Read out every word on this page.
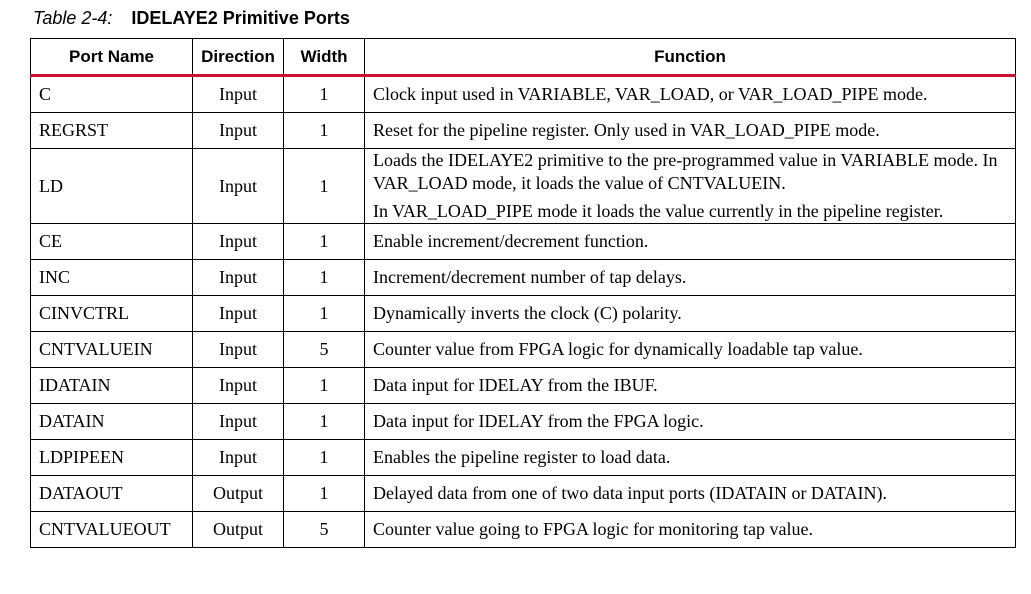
Table 2-4: IDELAYE2 Primitive Ports
Port Name	Direction	Width	Function
C	Input	1	Clock input used in VARIABLE, VAR_LOAD, or VAR_LOAD_PIPE mode.
REGRST	Input	1	Reset for the pipeline register. Only used in VAR_LOAD_PIPE mode.
LD	Input	1	Loads the IDELAYE2 primitive to the pre-programmed value in VARIABLE mode. In VAR_LOAD mode, it loads the value of CNTVALUEIN.
In VAR_LOAD_PIPE mode it loads the value currently in the pipeline register.

CE	Input	1	Enable increment/decrement function.
INC	Input	1	Increment/decrement number of tap delays.
CINVCTRL	Input	1	Dynamically inverts the clock (C) polarity.
CNTVALUEIN	Input	5	Counter value from FPGA logic for dynamically loadable tap value.
IDATAIN	Input	1	Data input for IDELAY from the IBUF.
DATAIN	Input	1	Data input for IDELAY from the FPGA logic.
LDPIPEEN	Input	1	Enables the pipeline register to load data.
DATAOUT	Output	1	Delayed data from one of two data input ports (IDATAIN or DATAIN).
CNTVALUEOUT	Output	5	Counter value going to FPGA logic for monitoring tap value.
